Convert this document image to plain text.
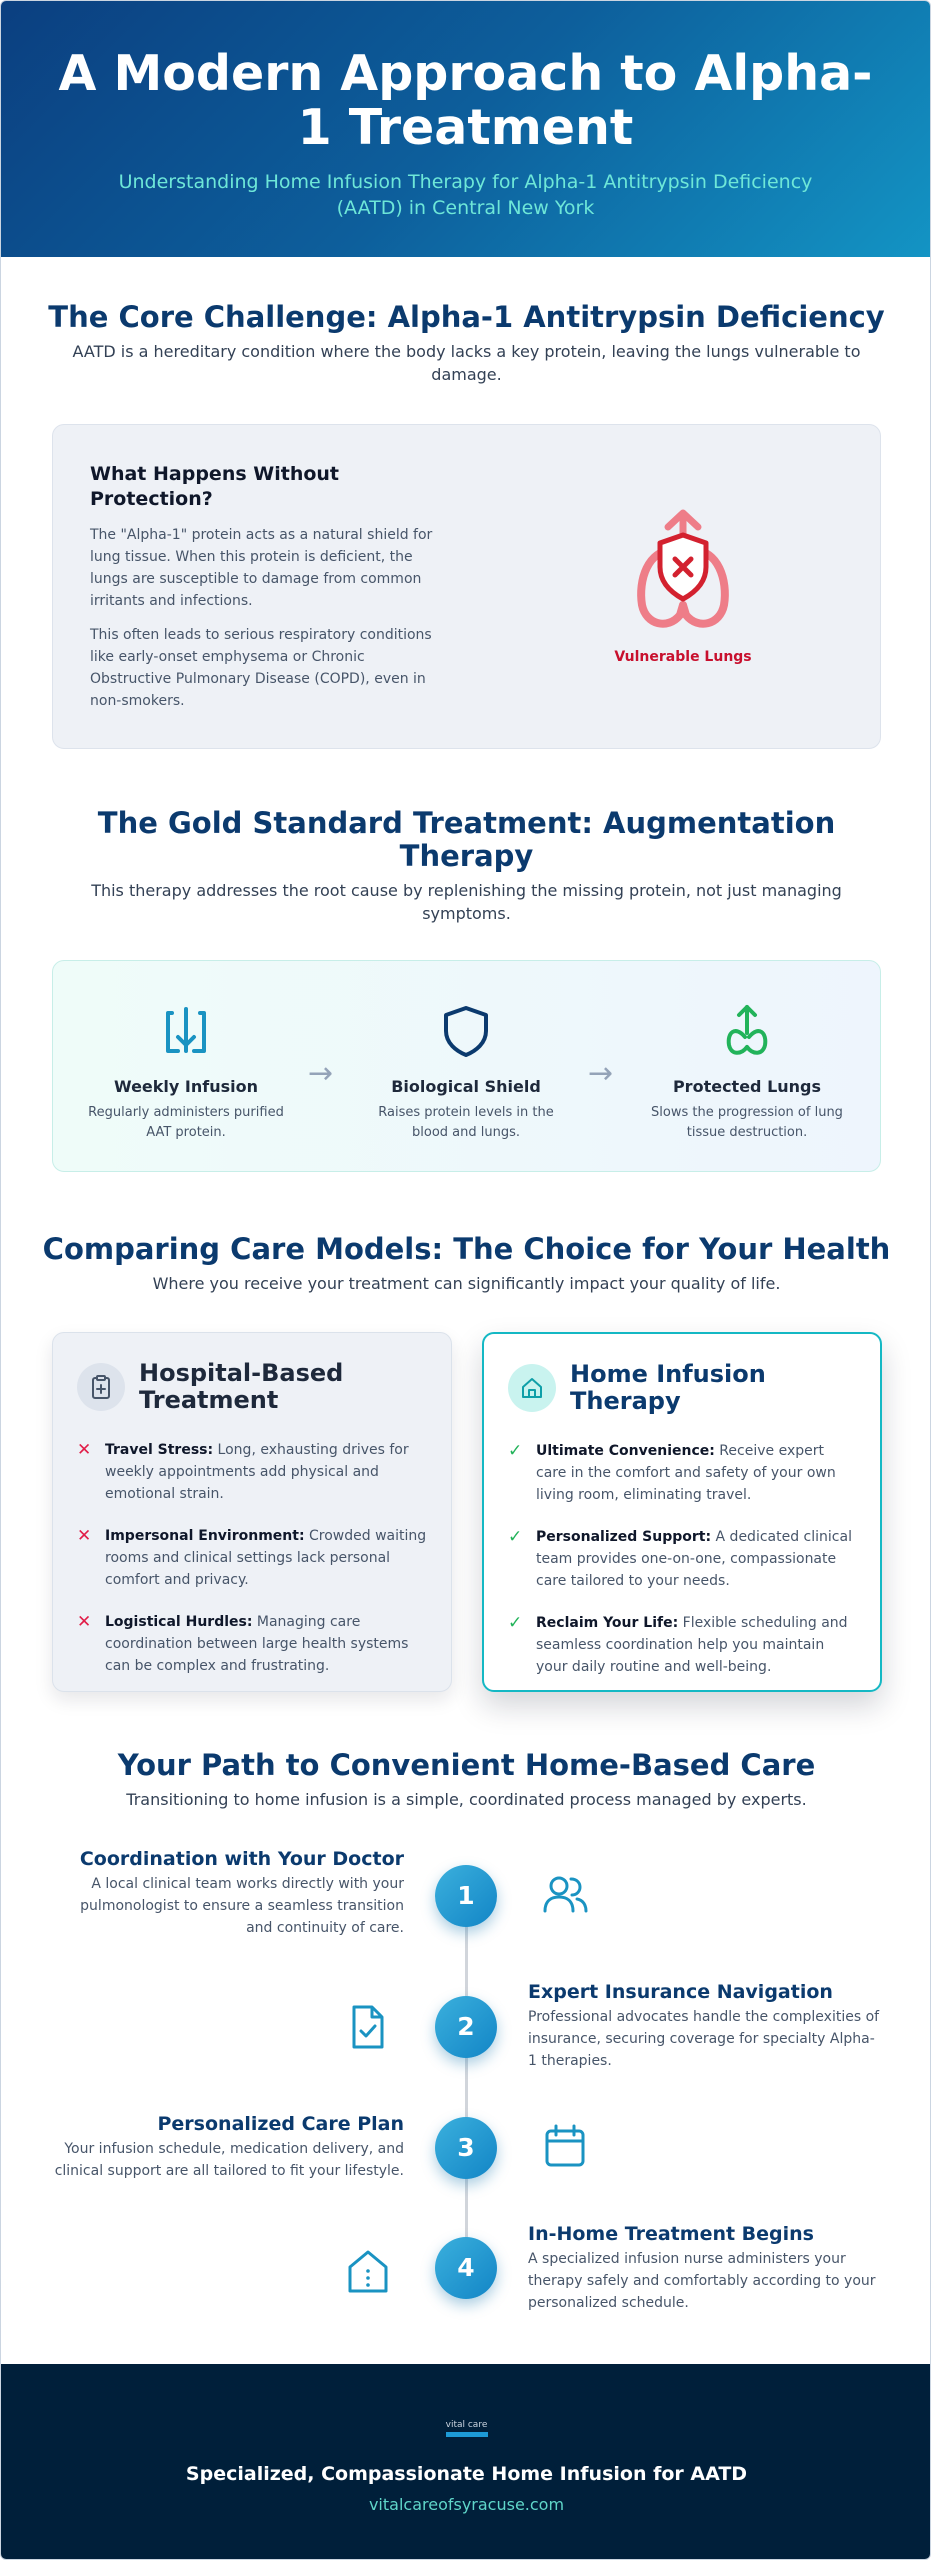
A Modern Approach to Alpha-1 Treatment

Understanding Home Infusion Therapy for Alpha-1 Antitrypsin Deficiency (AATD) in Central New York

The Core Challenge: Alpha-1 Antitrypsin Deficiency
AATD is a hereditary condition where the body lacks a key protein, leaving the lungs vulnerable to damage.
What Happens Without Protection?

The "Alpha-1" protein acts as a natural shield for lung tissue. When this protein is deficient, the lungs are susceptible to damage from common irritants and infections.

This often leads to serious respiratory conditions like early-onset emphysema or Chronic Obstructive Pulmonary Disease (COPD), even in non-smokers.

Vulnerable Lungs
The Gold Standard Treatment: Augmentation Therapy
This therapy addresses the root cause by replenishing the missing protein, not just managing symptoms.
Weekly Infusion

Regularly administers purified AAT protein.

→	Biological Shield

Raises protein levels in the blood and lungs.

→	Protected Lungs

Slows the progression of lung tissue destruction.

Comparing Care Models: The Choice for Your Health
Where you receive your treatment can significantly impact your quality of life.
Hospital-Based Treatment
✕ Travel Stress: Long, exhausting drives for weekly appointments add physical and emotional strain.
✕ Impersonal Environment: Crowded waiting rooms and clinical settings lack personal comfort and privacy.
✕ Logistical Hurdles: Managing care coordination between large health systems can be complex and frustrating.
Home Infusion Therapy
✓ Ultimate Convenience: Receive expert care in the comfort and safety of your own living room, eliminating travel.
✓ Personalized Support: A dedicated clinical team provides one-on-one, compassionate care tailored to your needs.
✓ Reclaim Your Life: Flexible scheduling and seamless coordination help you maintain your daily routine and well-being.
Your Path to Convenient Home-Based Care
Transitioning to home infusion is a simple, coordinated process managed by experts.
Coordination with Your Doctor

A local clinical team works directly with your pulmonologist to ensure a seamless transition and continuity of care.

1
2
Expert Insurance Navigation

Professional advocates handle the complexities of insurance, securing coverage for specialty Alpha-1 therapies.

Personalized Care Plan

Your infusion schedule, medication delivery, and clinical support are all tailored to fit your lifestyle.

3
4
In-Home Treatment Begins

A specialized infusion nurse administers your therapy safely and comfortably according to your personalized schedule.

vital care
Specialized, Compassionate Home Infusion for AATD
vitalcareofsyracuse.com
